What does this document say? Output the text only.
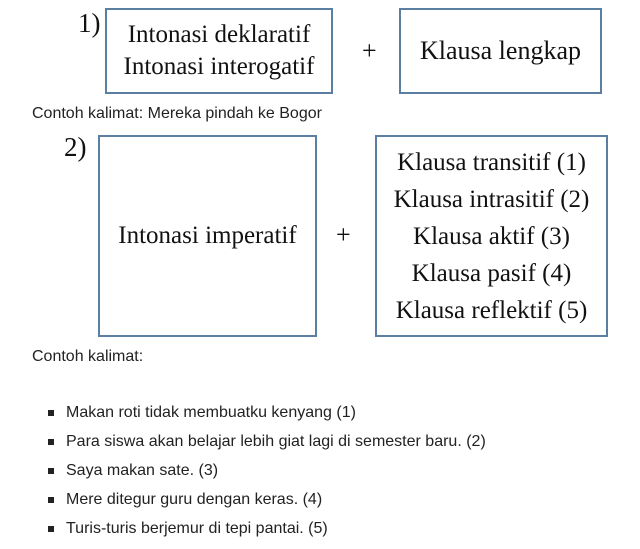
1) Intonasi deklaratif
Intonasi interogatif
+ Klausa lengkap

Contoh kalimat: Mereka pindah ke Bogor

2)
Intonasi imperatif +
Klausa transitif (1)
Klausa intrasitif (2)
Klausa aktif (3)
Klausa pasif (4)
Klausa reflektif (5)

Contoh kalimat:

Makan roti tidak membuatku kenyang (1)
Para siswa akan belajar lebih giat lagi di semester baru. (2)
Saya makan sate. (3)
Mere ditegur guru dengan keras. (4)
Turis-turis berjemur di tepi pantai. (5)
